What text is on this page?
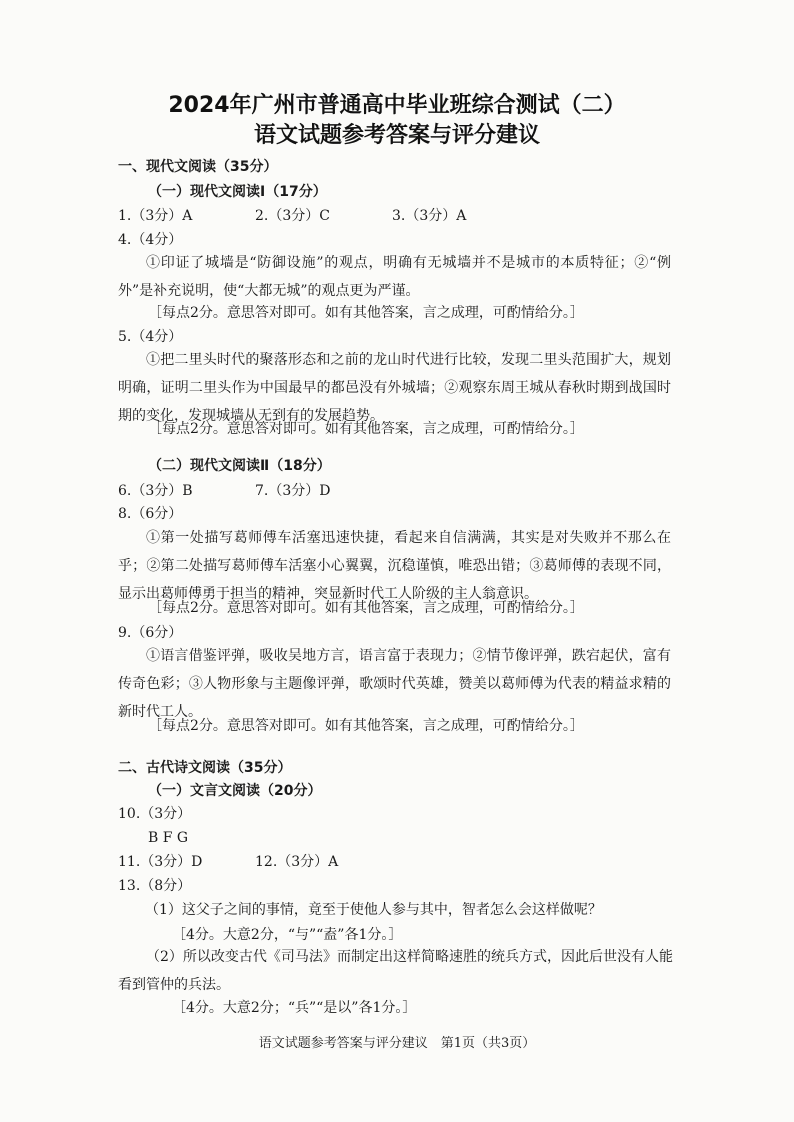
2024年广州市普通高中毕业班综合测试（二）
语文试题参考答案与评分建议
一、现代文阅读（35分）
（一）现代文阅读Ⅰ（17分）
1.（3分）A	2.（3分）C	3.（3分）A
4.（4分）
①印证了城墙是“防御设施”的观点，明确有无城墙并不是城市的本质特征；②“例外”是补充说明，使“大都无城”的观点更为严谨。
［每点2分。意思答对即可。如有其他答案，言之成理，可酌情给分。］
5.（4分）
①把二里头时代的聚落形态和之前的龙山时代进行比较，发现二里头范围扩大，规划明确，证明二里头作为中国最早的都邑没有外城墙；②观察东周王城从春秋时期到战国时期的变化，发现城墙从无到有的发展趋势。
［每点2分。意思答对即可。如有其他答案，言之成理，可酌情给分。］
（二）现代文阅读Ⅱ（18分）
6.（3分）B	7.（3分）D
8.（6分）
①第一处描写葛师傅车活塞迅速快捷，看起来自信满满，其实是对失败并不那么在乎；②第二处描写葛师傅车活塞小心翼翼，沉稳谨慎，唯恐出错；③葛师傅的表现不同，显示出葛师傅勇于担当的精神，突显新时代工人阶级的主人翁意识。
［每点2分。意思答对即可。如有其他答案，言之成理，可酌情给分。］
9.（6分）
①语言借鉴评弹，吸收吴地方言，语言富于表现力；②情节像评弹，跌宕起伏，富有传奇色彩；③人物形象与主题像评弹，歌颂时代英雄，赞美以葛师傅为代表的精益求精的新时代工人。
［每点2分。意思答对即可。如有其他答案，言之成理，可酌情给分。］
二、古代诗文阅读（35分）
（一）文言文阅读（20分）
10.（3分）
B F G
11.（3分）D	12.（3分）A
13.（8分）
（1）这父子之间的事情，竟至于使他人参与其中，智者怎么会这样做呢？
［4分。大意2分，“与”“盍”各1分。］
（2）所以改变古代《司马法》而制定出这样简略速胜的统兵方式，因此后世没有人能看到管仲的兵法。
［4分。大意2分；“兵”“是以”各1分。］
语文试题参考答案与评分建议　第1页（共3页）
